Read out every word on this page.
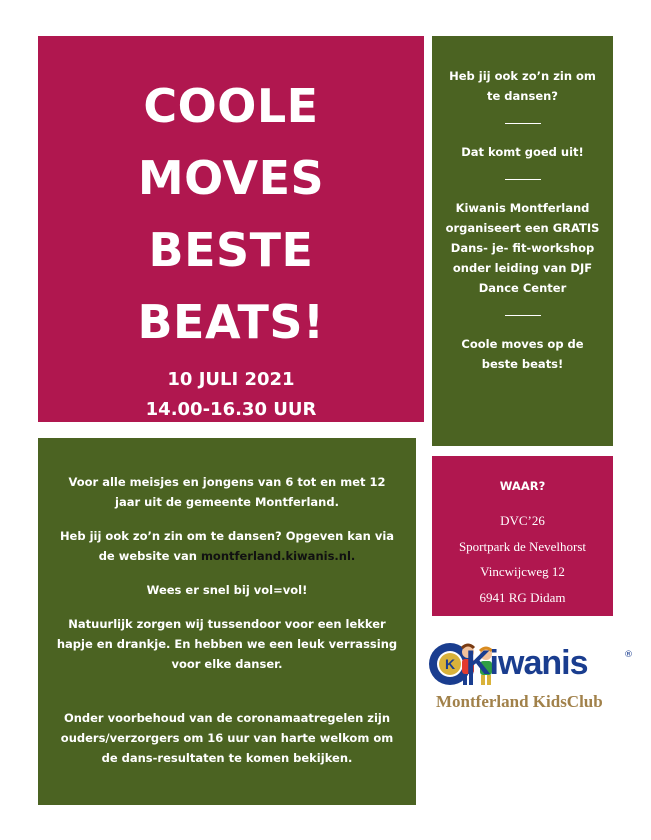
COOLE
MOVES
BESTE
BEATS!
10 JULI 2021
14.00-16.30 UUR

Heb jij ook zo’n zin om te dansen?

Dat komt goed uit!

Kiwanis Montferland organiseert een GRATIS Dans- je- fit-workshop onder leiding van DJF Dance Center

Coole moves op de beste beats!

Voor alle meisjes en jongens van 6 tot en met 12 jaar uit de gemeente Montferland.

Heb jij ook zo’n zin om te dansen? Opgeven kan via de website van montferland.kiwanis.nl.

Wees er snel bij vol=vol!

Natuurlijk zorgen wij tussendoor voor een lekker hapje en drankje. En hebben we een leuk verrassing voor elke danser.

Onder voorbehoud van de coronamaatregelen zijn ouders/verzorgers om 16 uur van harte welkom om de dans-resultaten te komen bekijken.

WAAR?
DVC’26
Sportpark de Nevelhorst
Vincwijcweg 12
6941 RG Didam
K Kiwanis	®
Montferland KidsClub
